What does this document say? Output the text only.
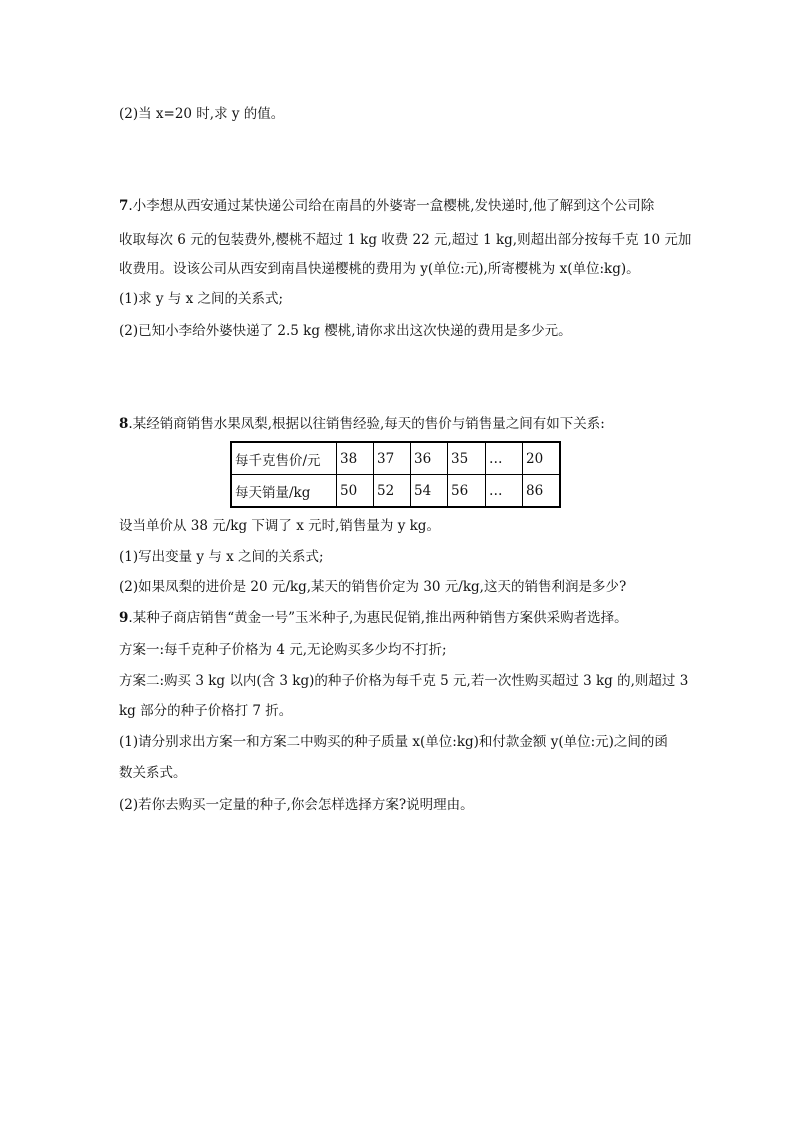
(2)当 x=20 时,求 y 的值。
7.小李想从西安通过某快递公司给在南昌的外婆寄一盒樱桃,发快递时,他了解到这个公司除
收取每次 6 元的包装费外,樱桃不超过 1 kg 收费 22 元,超过 1 kg,则超出部分按每千克 10 元加
收费用。设该公司从西安到南昌快递樱桃的费用为 y(单位:元),所寄樱桃为 x(单位:kg)。
(1)求 y 与 x 之间的关系式;
(2)已知小李给外婆快递了 2.5 kg 樱桃,请你求出这次快递的费用是多少元。
8.某经销商销售水果凤梨,根据以往销售经验,每天的售价与销售量之间有如下关系:
每千克售价/元	38	37	36	35	…	20
每天销量/kg	50	52	54	56	…	86
设当单价从 38 元/kg 下调了 x 元时,销售量为 y kg。
(1)写出变量 y 与 x 之间的关系式;
(2)如果凤梨的进价是 20 元/kg,某天的销售价定为 30 元/kg,这天的销售利润是多少?
9.某种子商店销售“黄金一号”玉米种子,为惠民促销,推出两种销售方案供采购者选择。
方案一:每千克种子价格为 4 元,无论购买多少均不打折;
方案二:购买 3 kg 以内(含 3 kg)的种子价格为每千克 5 元,若一次性购买超过 3 kg 的,则超过 3
kg 部分的种子价格打 7 折。
(1)请分别求出方案一和方案二中购买的种子质量 x(单位:kg)和付款金额 y(单位:元)之间的函
数关系式。
(2)若你去购买一定量的种子,你会怎样选择方案?说明理由。
